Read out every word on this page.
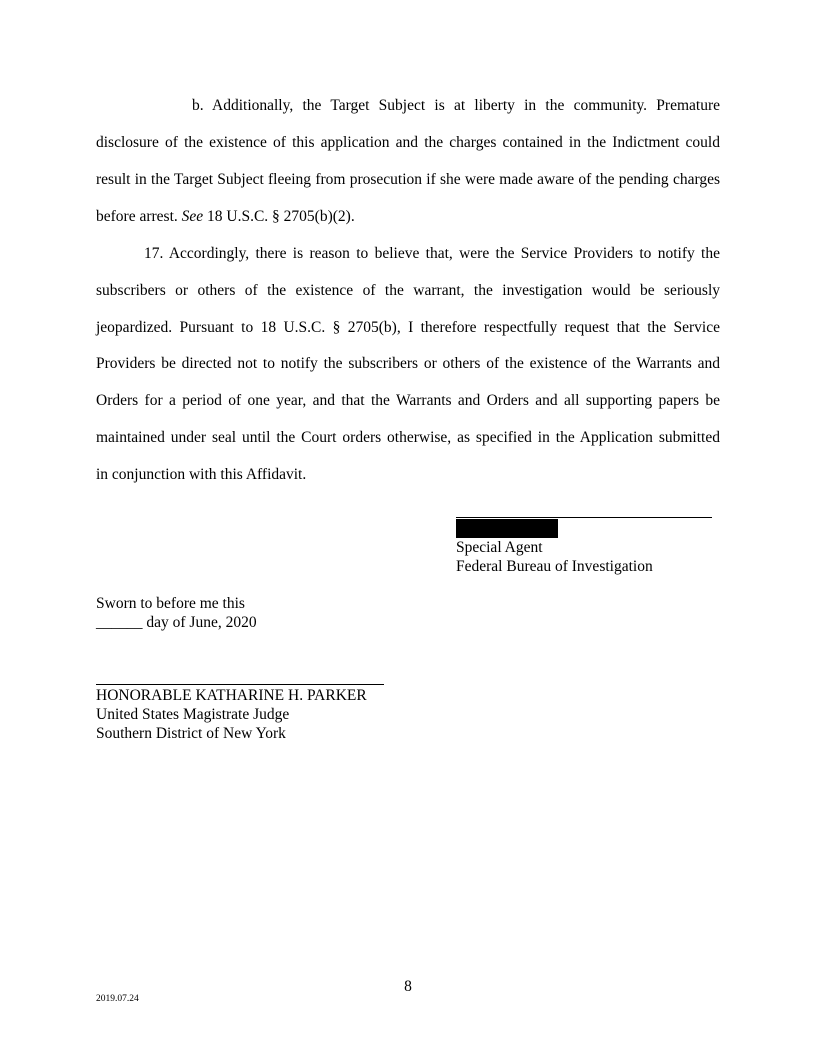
b. Additionally, the Target Subject is at liberty in the community. Premature
disclosure of the existence of this application and the charges contained in the Indictment could
result in the Target Subject fleeing from prosecution if she were made aware of the pending charges
before arrest. See 18 U.S.C. § 2705(b)(2).
17. Accordingly, there is reason to believe that, were the Service Providers to notify the
subscribers or others of the existence of the warrant, the investigation would be seriously
jeopardized. Pursuant to 18 U.S.C. § 2705(b), I therefore respectfully request that the Service
Providers be directed not to notify the subscribers or others of the existence of the Warrants and
Orders for a period of one year, and that the Warrants and Orders and all supporting papers be
maintained under seal until the Court orders otherwise, as specified in the Application submitted
in conjunction with this Affidavit.
Special Agent
Federal Bureau of Investigation
Sworn to before me this
______ day of June, 2020
HONORABLE KATHARINE H. PARKER
United States Magistrate Judge
Southern District of New York
8
2019.07.24
